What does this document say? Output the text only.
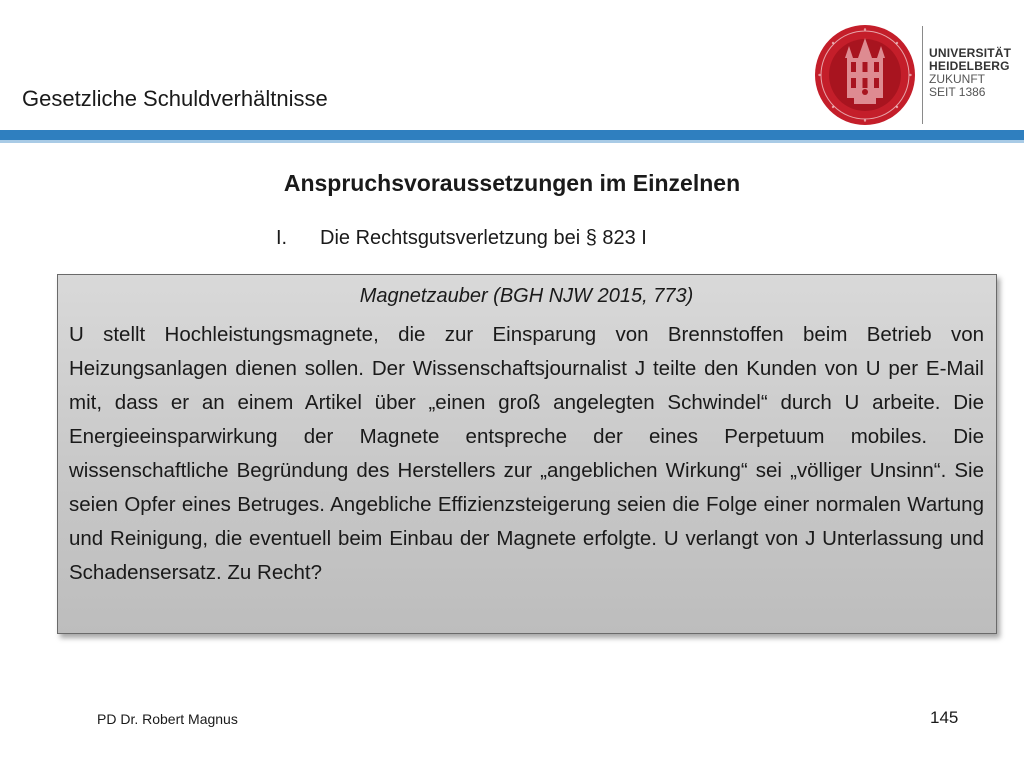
Gesetzliche Schuldverhältnisse
UNIVERSITÄT
HEIDELBERG
ZUKUNFT
SEIT 1386
Anspruchsvoraussetzungen im Einzelnen
I. Die Rechtsgutsverletzung bei § 823 I
Magnetzauber (BGH NJW 2015, 773)

U stellt Hochleistungsmagnete, die zur Einsparung von Brennstoffen beim Betrieb von Heizungsanlagen dienen sollen. Der Wissenschaftsjournalist J teilte den Kunden von U per E-Mail mit, dass er an einem Artikel über „einen groß angelegten Schwindel“ durch U arbeite. Die Energieeinsparwirkung der Magnete entspreche der eines Perpetuum mobiles. Die wissenschaftliche Begründung des Herstellers zur „angeblichen Wirkung“ sei „völliger Unsinn“. Sie seien Opfer eines Betruges. Angebliche Effizienzsteigerung seien die Folge einer normalen Wartung und Reinigung, die eventuell beim Einbau der Magnete erfolgte. U verlangt von J Unterlassung und Schadensersatz. Zu Recht?

PD Dr. Robert Magnus	145
